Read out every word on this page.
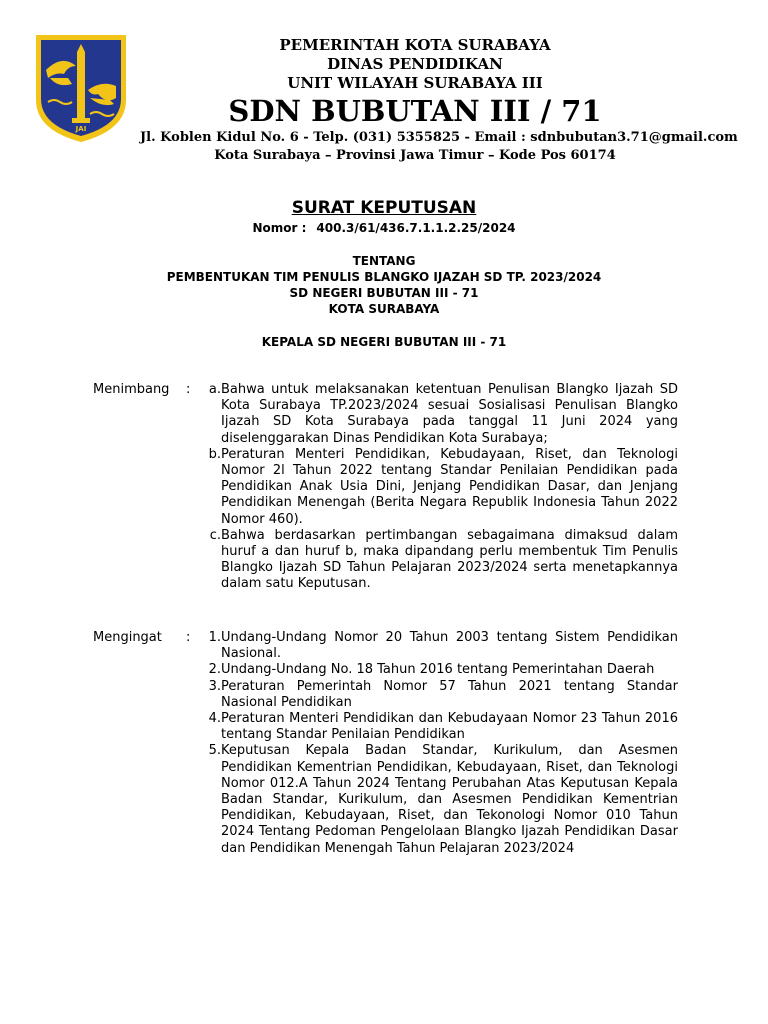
JAI
PEMERINTAH KOTA SURABAYA
DINAS PENDIDIKAN
UNIT WILAYAH SURABAYA III
SDN BUBUTAN III / 71
Jl. Koblen Kidul No. 6 - Telp. (031) 5355825 - Email : sdnbubutan3.71@gmail.com
Kota Surabaya – Provinsi Jawa Timur – Kode Pos 60174
SURAT KEPUTUSAN
Nomor : 400.3/61/436.7.1.1.2.25/2024
TENTANG
PEMBENTUKAN TIM PENULIS BLANGKO IJAZAH SD TP. 2023/2024
SD NEGERI BUBUTAN III - 71
KOTA SURABAYA
KEPALA SD NEGERI BUBUTAN III - 71
Menimbang : a. Bahwa untuk melaksanakan ketentuan Penulisan Blangko Ijazah SD Kota Surabaya TP.2023/2024 sesuai Sosialisasi Penulisan Blangko Ijazah SD Kota Surabaya pada tanggal 11 Juni 2024 yang diselenggarakan Dinas Pendidikan Kota Surabaya;
b. Peraturan Menteri Pendidikan, Kebudayaan, Riset, dan Teknologi Nomor 2l Tahun 2022 tentang Standar Penilaian Pendidikan pada Pendidikan Anak Usia Dini, Jenjang Pendidikan Dasar, dan Jenjang Pendidikan Menengah (Berita Negara Republik Indonesia Tahun 2022 Nomor 460).
c. Bahwa berdasarkan pertimbangan sebagaimana dimaksud dalam huruf a dan huruf b, maka dipandang perlu membentuk Tim Penulis Blangko Ijazah SD Tahun Pelajaran 2023/2024 serta menetapkannya dalam satu Keputusan.
Mengingat : 1. Undang-Undang Nomor 20 Tahun 2003 tentang Sistem Pendidikan Nasional.
2. Undang-Undang No. 18 Tahun 2016 tentang Pemerintahan Daerah
3. Peraturan Pemerintah Nomor 57 Tahun 2021 tentang Standar Nasional Pendidikan
4. Peraturan Menteri Pendidikan dan Kebudayaan Nomor 23 Tahun 2016 tentang Standar Penilaian Pendidikan
5. Keputusan Kepala Badan Standar, Kurikulum, dan Asesmen Pendidikan Kementrian Pendidikan, Kebudayaan, Riset, dan Teknologi Nomor 012.A Tahun 2024 Tentang Perubahan Atas Keputusan Kepala Badan Standar, Kurikulum, dan Asesmen Pendidikan Kementrian Pendidikan, Kebudayaan, Riset, dan Tekonologi Nomor 010 Tahun 2024 Tentang Pedoman Pengelolaan Blangko Ijazah Pendidikan Dasar dan Pendidikan Menengah Tahun Pelajaran 2023/2024
